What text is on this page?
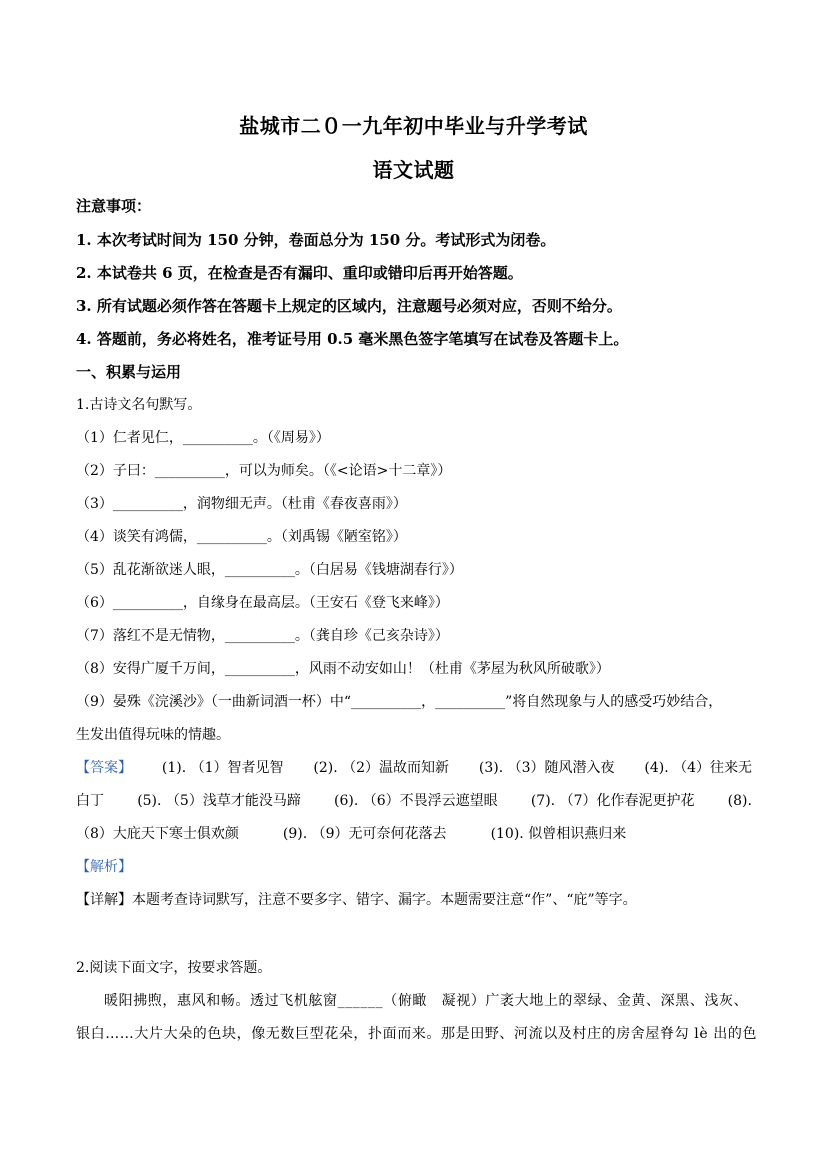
盐城市二０一九年初中毕业与升学考试
语文试题
注意事项：
1. 本次考试时间为 150 分钟，卷面总分为 150 分。考试形式为闭卷。
2. 本试卷共 6 页，在检查是否有漏印、重印或错印后再开始答题。
3. 所有试题必须作答在答题卡上规定的区域内，注意题号必须对应，否则不给分。
4. 答题前，务必将姓名，准考证号用 0.5 毫米黑色签字笔填写在试卷及答题卡上。
一、积累与运用
1.古诗文名句默写。
（1）仁者见仁，__________。（《周易》）
（2）子曰：__________，可以为师矣。（《<论语>十二章》）
（3）__________，润物细无声。（杜甫《春夜喜雨》）
（4）谈笑有鸿儒，__________。（刘禹锡《陋室铭》）
（5）乱花渐欲迷人眼，__________。（白居易《钱塘湖春行》）
（6）__________，自缘身在最高层。（王安石《登飞来峰》）
（7）落红不是无情物，__________。（龚自珍《己亥杂诗》）
（8）安得广厦千万间，__________，风雨不动安如山！（杜甫《茅屋为秋风所破歌》）
（9）晏殊《浣溪沙》（一曲新词酒一杯）中“__________，__________”将自然现象与人的感受巧妙结合，
生发出值得玩味的情趣。
【答案】 (1). （1）智者见智 (2). （2）温故而知新 (3). （3）随风潜入夜 (4). （4）往来无
白丁 (5). （5）浅草才能没马蹄 (6). （6）不畏浮云遮望眼 (7). （7）化作春泥更护花 (8).
（8）大庇天下寒士俱欢颜	(9). （9）无可奈何花落去	(10). 似曾相识燕归来
【解析】
【详解】本题考查诗词默写，注意不要多字、错字、漏字。本题需要注意“作”、“庇”等字。
2.阅读下面文字，按要求答题。
暖阳拂煦，惠风和畅。透过飞机舷窗______（俯瞰　凝视）广袤大地上的翠绿、金黄、深黑、浅灰、
银白……大片大朵的色块，像无数巨型花朵，扑面而来。那是田野、河流以及村庄的房舍屋脊勾 lè 出的色
